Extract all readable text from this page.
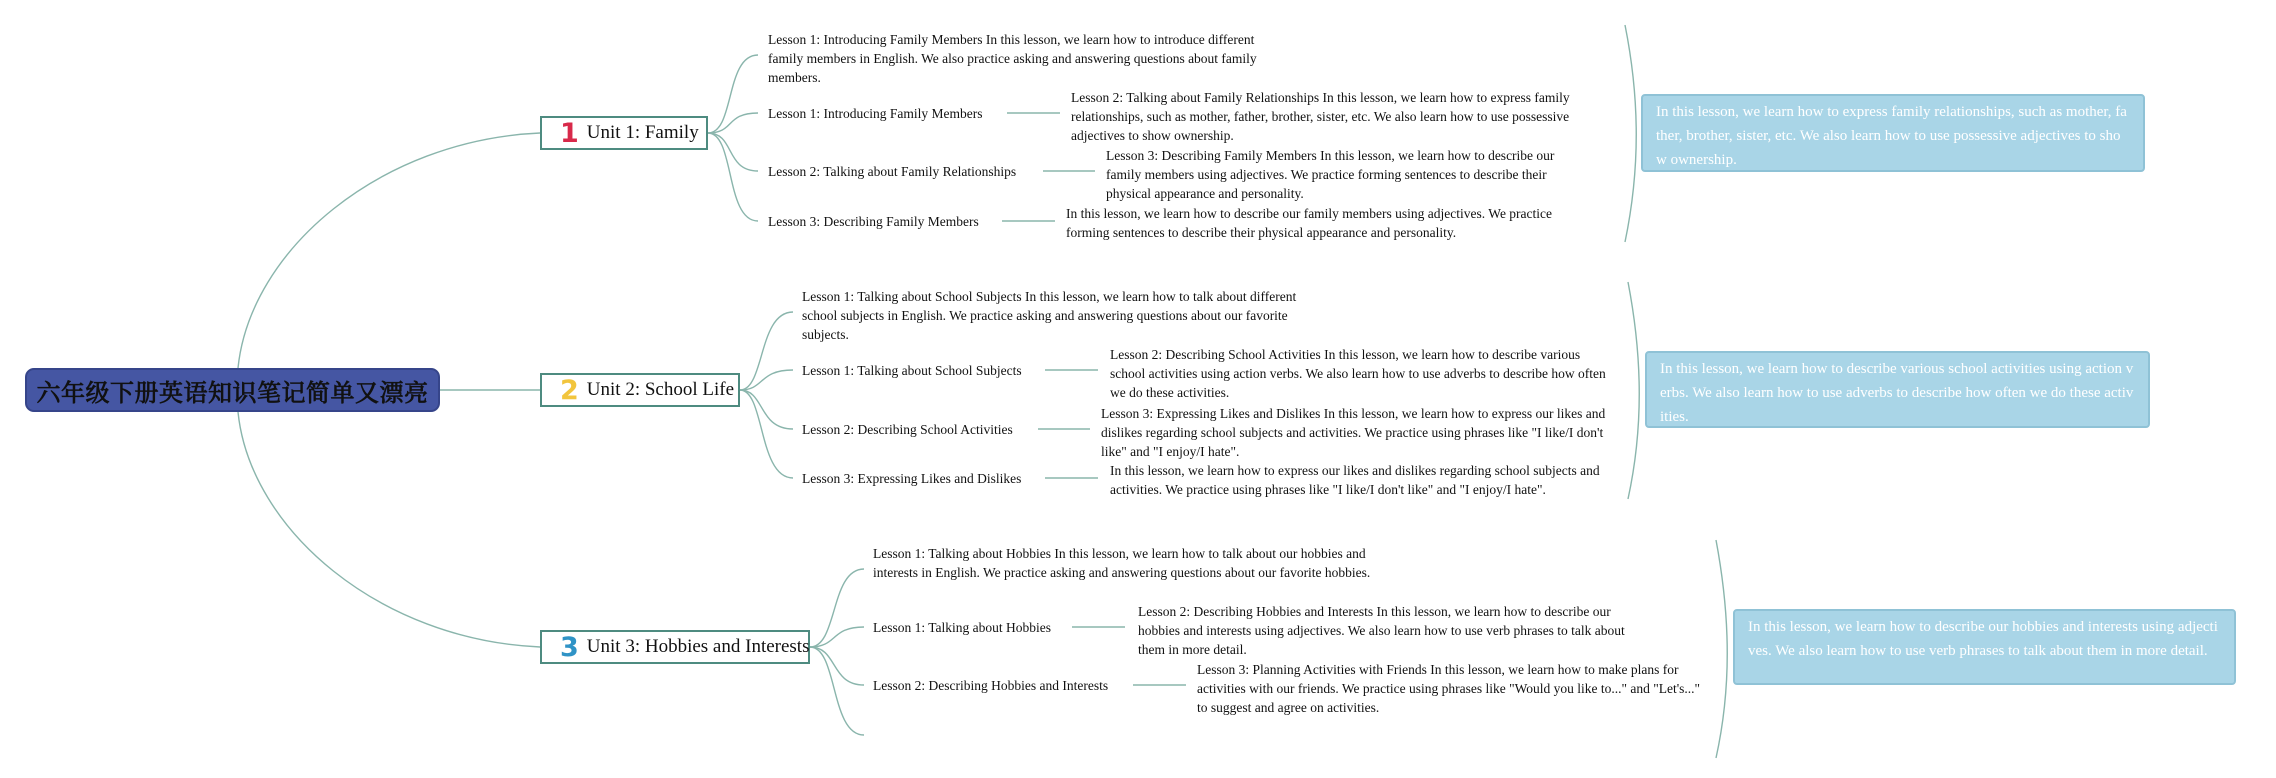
六年级下册英语知识笔记简单又漂亮
1 Unit 1: Family
Lesson 1: Introducing Family Members In this lesson, we learn how to introduce different family members in English. We also practice asking and answering questions about family members.
Lesson 1: Introducing Family Members
Lesson 2: Talking about Family Relationships In this lesson, we learn how to express family relationships, such as mother, father, brother, sister, etc. We also learn how to use possessive adjectives to show ownership.
Lesson 2: Talking about Family Relationships
Lesson 3: Describing Family Members In this lesson, we learn how to describe our family members using adjectives. We practice forming sentences to describe their physical appearance and personality.
Lesson 3: Describing Family Members
In this lesson, we learn how to describe our family members using adjectives. We practice forming sentences to describe their physical appearance and personality.
In this lesson, we learn how to express family relationships, such as mother, father, brother, sister, etc. We also learn how to use possessive adjectives to show ownership.
2 Unit 2: School Life
Lesson 1: Talking about School Subjects In this lesson, we learn how to talk about different school subjects in English. We practice asking and answering questions about our favorite subjects.
Lesson 1: Talking about School Subjects
Lesson 2: Describing School Activities In this lesson, we learn how to describe various school activities using action verbs. We also learn how to use adverbs to describe how often we do these activities.
Lesson 2: Describing School Activities
Lesson 3: Expressing Likes and Dislikes In this lesson, we learn how to express our likes and dislikes regarding school subjects and activities. We practice using phrases like "I like/I don't like" and "I enjoy/I hate".
Lesson 3: Expressing Likes and Dislikes
In this lesson, we learn how to express our likes and dislikes regarding school subjects and activities. We practice using phrases like "I like/I don't like" and "I enjoy/I hate".
In this lesson, we learn how to describe various school activities using action verbs. We also learn how to use adverbs to describe how often we do these activities.
3 Unit 3: Hobbies and Interests
Lesson 1: Talking about Hobbies In this lesson, we learn how to talk about our hobbies and interests in English. We practice asking and answering questions about our favorite hobbies.
Lesson 1: Talking about Hobbies
Lesson 2: Describing Hobbies and Interests In this lesson, we learn how to describe our hobbies and interests using adjectives. We also learn how to use verb phrases to talk about them in more detail.
Lesson 2: Describing Hobbies and Interests
Lesson 3: Planning Activities with Friends In this lesson, we learn how to make plans for activities with our friends. We practice using phrases like "Would you like to..." and "Let's..." to suggest and agree on activities.
In this lesson, we learn how to describe our hobbies and interests using adjectives. We also learn how to use verb phrases to talk about them in more detail.
